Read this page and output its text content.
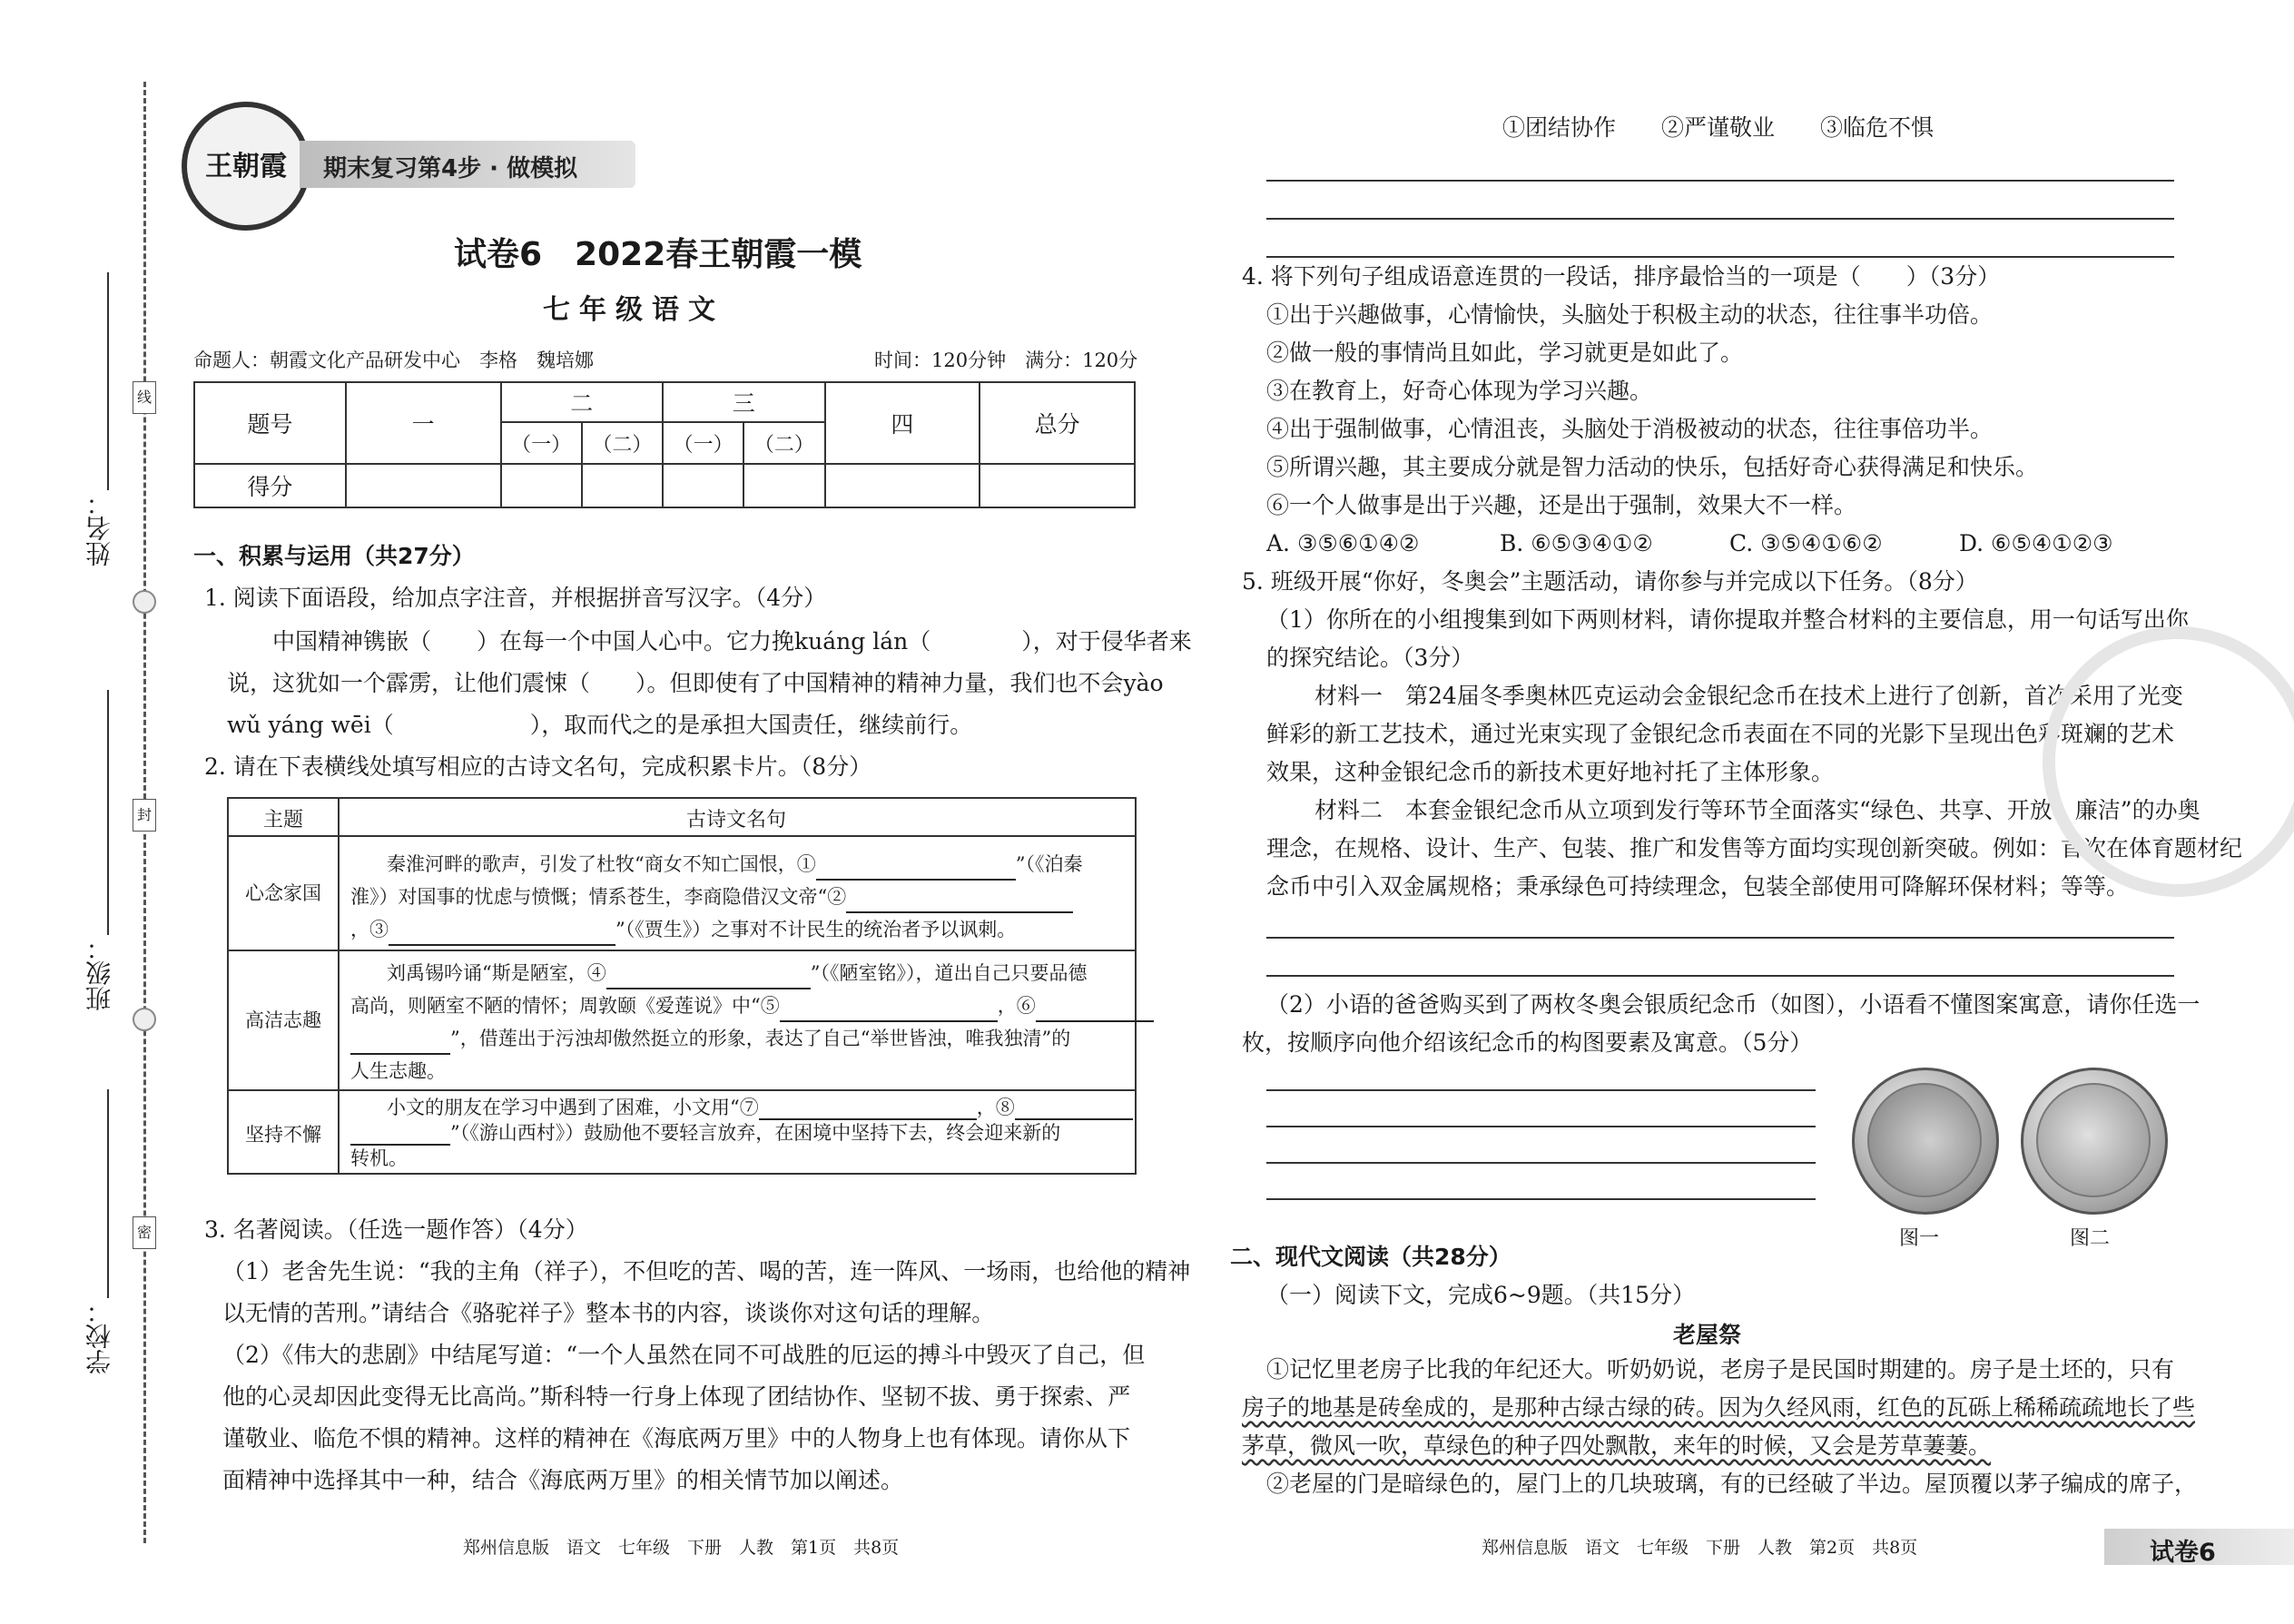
姓名：
班级：
学校：
线
封
密
王朝霞	期末复习第4步 · 做模拟
试卷6　2022春王朝霞一模
七年级语文
命题人：朝霞文化产品研发中心　李格　魏培娜	时间：120分钟　满分：120分
题号	一	二		三		四	总分
		（一）	（二）	（一）	（二）		
得分							
一、积累与运用（共27分）
1. 阅读下面语段，给加点字注音，并根据拼音写汉字。（4分）
中国精神镌嵌（　　）在每一个中国人心中。它力挽kuáng lán（　　　　），对于侵华者来
说，这犹如一个霹雳，让他们震悚（　　）。但即使有了中国精神的精神力量，我们也不会yào
wǔ yáng wēi（　　　　　　），取而代之的是承担大国责任，继续前行。
2. 请在下表横线处填写相应的古诗文名句，完成积累卡片。（8分）
主题	古诗文名句
心念家国
秦淮河畔的歌声，引发了杜牧“商女不知亡国恨，①	”（《泊秦
淮》）对国事的忧虑与愤慨；情系苍生，李商隐借汉文帝“②
，③	”（《贾生》）之事对不计民生的统治者予以讽刺。
高洁志趣
刘禹锡吟诵“斯是陋室，④	”（《陋室铭》），道出自己只要品德
高尚，则陋室不陋的情怀；周敦颐《爱莲说》中“⑤	，⑥
”，借莲出于污浊却傲然挺立的形象，表达了自己“举世皆浊，唯我独清”的
人生志趣。
坚持不懈
小文的朋友在学习中遇到了困难，小文用“⑦	，⑧
”（《游山西村》）鼓励他不要轻言放弃，在困境中坚持下去，终会迎来新的
转机。
3. 名著阅读。（任选一题作答）（4分）
（1）老舍先生说：“我的主角（祥子），不但吃的苦、喝的苦，连一阵风、一场雨，也给他的精神
以无情的苦刑。”请结合《骆驼祥子》整本书的内容，谈谈你对这句话的理解。
（2）《伟大的悲剧》中结尾写道：“一个人虽然在同不可战胜的厄运的搏斗中毁灭了自己，但
他的心灵却因此变得无比高尚。”斯科特一行身上体现了团结协作、坚韧不拔、勇于探索、严
谨敬业、临危不惧的精神。这样的精神在《海底两万里》中的人物身上也有体现。请你从下
面精神中选择其中一种，结合《海底两万里》的相关情节加以阐述。
郑州信息版　语文　七年级　下册　人教　第1页　共8页
①团结协作　　②严谨敬业　　③临危不惧
4. 将下列句子组成语意连贯的一段话，排序最恰当的一项是（　　）（3分）
①出于兴趣做事，心情愉快，头脑处于积极主动的状态，往往事半功倍。
②做一般的事情尚且如此，学习就更是如此了。
③在教育上，好奇心体现为学习兴趣。
④出于强制做事，心情沮丧，头脑处于消极被动的状态，往往事倍功半。
⑤所谓兴趣，其主要成分就是智力活动的快乐，包括好奇心获得满足和快乐。
⑥一个人做事是出于兴趣，还是出于强制，效果大不一样。
A. ③⑤⑥①④②	B. ⑥⑤③④①②	C. ③⑤④①⑥②	D. ⑥⑤④①②③
5. 班级开展“你好，冬奥会”主题活动，请你参与并完成以下任务。（8分）
（1）你所在的小组搜集到如下两则材料，请你提取并整合材料的主要信息，用一句话写出你
的探究结论。（3分）
材料一　第24届冬季奥林匹克运动会金银纪念币在技术上进行了创新，首次采用了光变
鲜彩的新工艺技术，通过光束实现了金银纪念币表面在不同的光影下呈现出色彩斑斓的艺术
效果，这种金银纪念币的新技术更好地衬托了主体形象。
材料二　本套金银纪念币从立项到发行等环节全面落实“绿色、共享、开放、廉洁”的办奥
理念，在规格、设计、生产、包装、推广和发售等方面均实现创新突破。例如：首次在体育题材纪
念币中引入双金属规格；秉承绿色可持续理念，包装全部使用可降解环保材料；等等。
（2）小语的爸爸购买到了两枚冬奥会银质纪念币（如图），小语看不懂图案寓意，请你任选一
枚，按顺序向他介绍该纪念币的构图要素及寓意。（5分）
图一	图二
二、现代文阅读（共28分）
（一）阅读下文，完成6~9题。（共15分）
老屋祭
①记忆里老房子比我的年纪还大。听奶奶说，老房子是民国时期建的。房子是土坯的，只有
房子的地基是砖垒成的，是那种古绿古绿的砖。因为久经风雨，红色的瓦砾上稀稀疏疏地长了些
茅草，微风一吹，草绿色的种子四处飘散，来年的时候，又会是芳草萋萋。
②老屋的门是暗绿色的，屋门上的几块玻璃，有的已经破了半边。屋顶覆以茅子编成的席子，
郑州信息版　语文　七年级　下册　人教　第2页　共8页	试卷6
